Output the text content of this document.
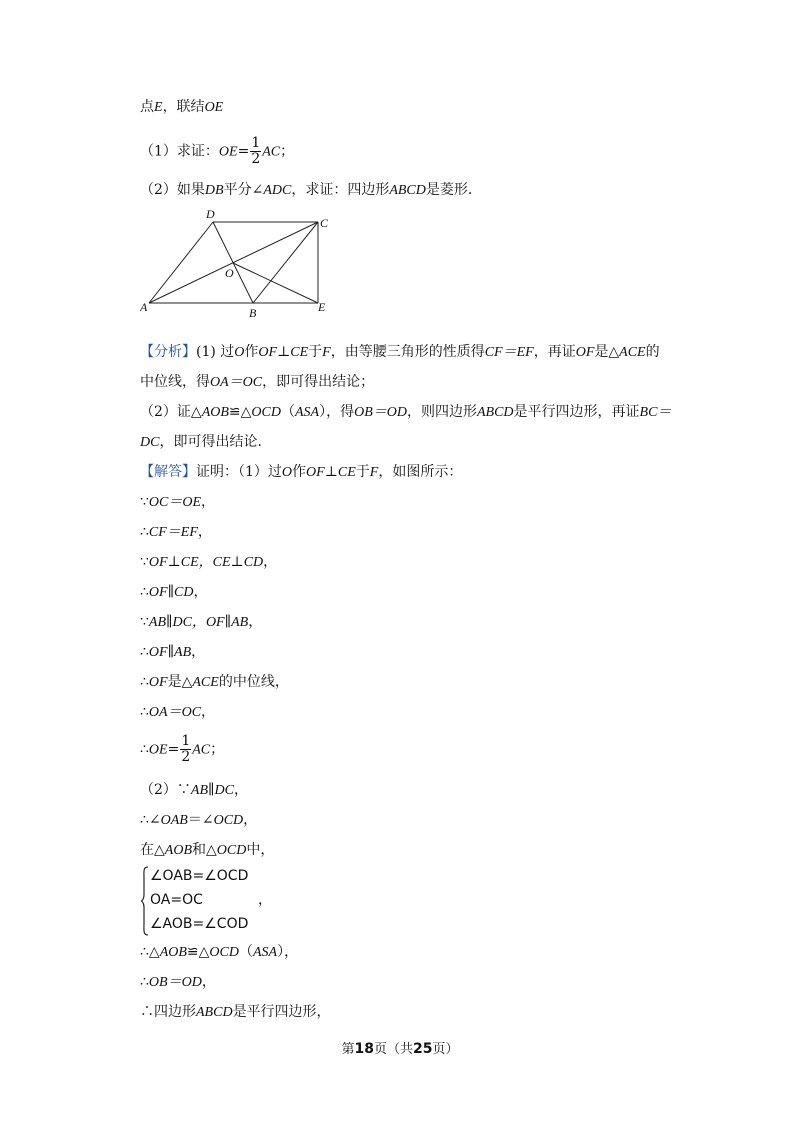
点E，联结OE
（1）求证：$OE= \frac{1}{2}$ AC；
（2）如果DB平分∠ADC，求证：四边形ABCD是菱形．
D
C
O
A	B	E
【分析】(1) 过O作OF⊥CE于F，由等腰三角形的性质得CF＝EF，再证OF是△ACE的
中位线，得OA＝OC，即可得出结论；
（2）证△AOB≌△OCD（ASA），得OB＝OD，则四边形ABCD是平行四边形，再证BC＝
DC，即可得出结论．
【解答】证明：（1）过O作OF⊥CE于F，如图所示：
∵OC＝OE，
∴CF＝EF，
∵OF⊥CE，CE⊥CD，
∴OF∥CD，
∵AB∥DC，OF∥AB，
∴OF∥AB，
∴OF是△ACE的中位线，
∴OA＝OC，
∴OE= $\frac{1}{2}$ AC；
（2）∵AB∥DC，
∴∠OAB＝∠OCD，
在△AOB和△OCD中，
∠OAB=∠OCD
OA=OC	，
∠AOB=∠COD
∴△AOB≌△OCD（ASA），
∴OB＝OD，
∴四边形ABCD是平行四边形，
第18页（共25页）
